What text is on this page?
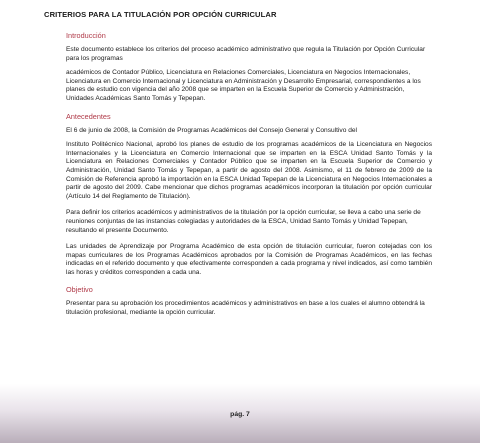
CRITERIOS PARA LA TITULACIÓN POR OPCIÓN CURRICULAR
Introducción

Este documento establece los criterios del proceso académico administrativo que regula la Titulación por Opción Curricular para los programas

académicos de Contador Público, Licenciatura en Relaciones Comerciales, Licenciatura en Negocios Internacionales, Licenciatura en Comercio Internacional y Licenciatura en Administración y Desarrollo Empresarial, correspondientes a los planes de estudio con vigencia del año 2008 que se imparten en la Escuela Superior de Comercio y Administración, Unidades Académicas Santo Tomás y Tepepan.

Antecedentes

El 6 de junio de 2008, la Comisión de Programas Académicos del Consejo General y Consultivo del

Instituto Politécnico Nacional, aprobó los planes de estudio de los programas académicos de la Licenciatura en Negocios Internacionales y la Licenciatura en Comercio Internacional que se imparten en la ESCA Unidad Santo Tomás y la Licenciatura en Relaciones Comerciales y Contador Público que se imparten en la Escuela Superior de Comercio y Administración, Unidad Santo Tomás y Tepepan, a partir de agosto del 2008. Asimismo, el 11 de febrero de 2009 de la Comisión de Referencia aprobó la importación en la ESCA Unidad Tepepan de la Licenciatura en Negocios Internacionales a partir de agosto del 2009. Cabe mencionar que dichos programas académicos incorporan la titulación por opción curricular (Artículo 14 del Reglamento de Titulación).

Para definir los criterios académicos y administrativos de la titulación por la opción curricular, se lleva a cabo una serie de reuniones conjuntas de las instancias colegiadas y autoridades de la ESCA, Unidad Santo Tomás y Unidad Tepepan, resultando el presente Documento.

Las unidades de Aprendizaje por Programa Académico de esta opción de titulación curricular, fueron cotejadas con los mapas curriculares de los Programas Académicos aprobados por la Comisión de Programas Académicos, en las fechas indicadas en el referido documento y que efectivamente corresponden a cada programa y nivel indicados, así como también las horas y créditos corresponden a cada una.

Objetivo

Presentar para su aprobación los procedimientos académicos y administrativos en base a los cuales el alumno obtendrá la titulación profesional, mediante la opción curricular.

pág. 7
